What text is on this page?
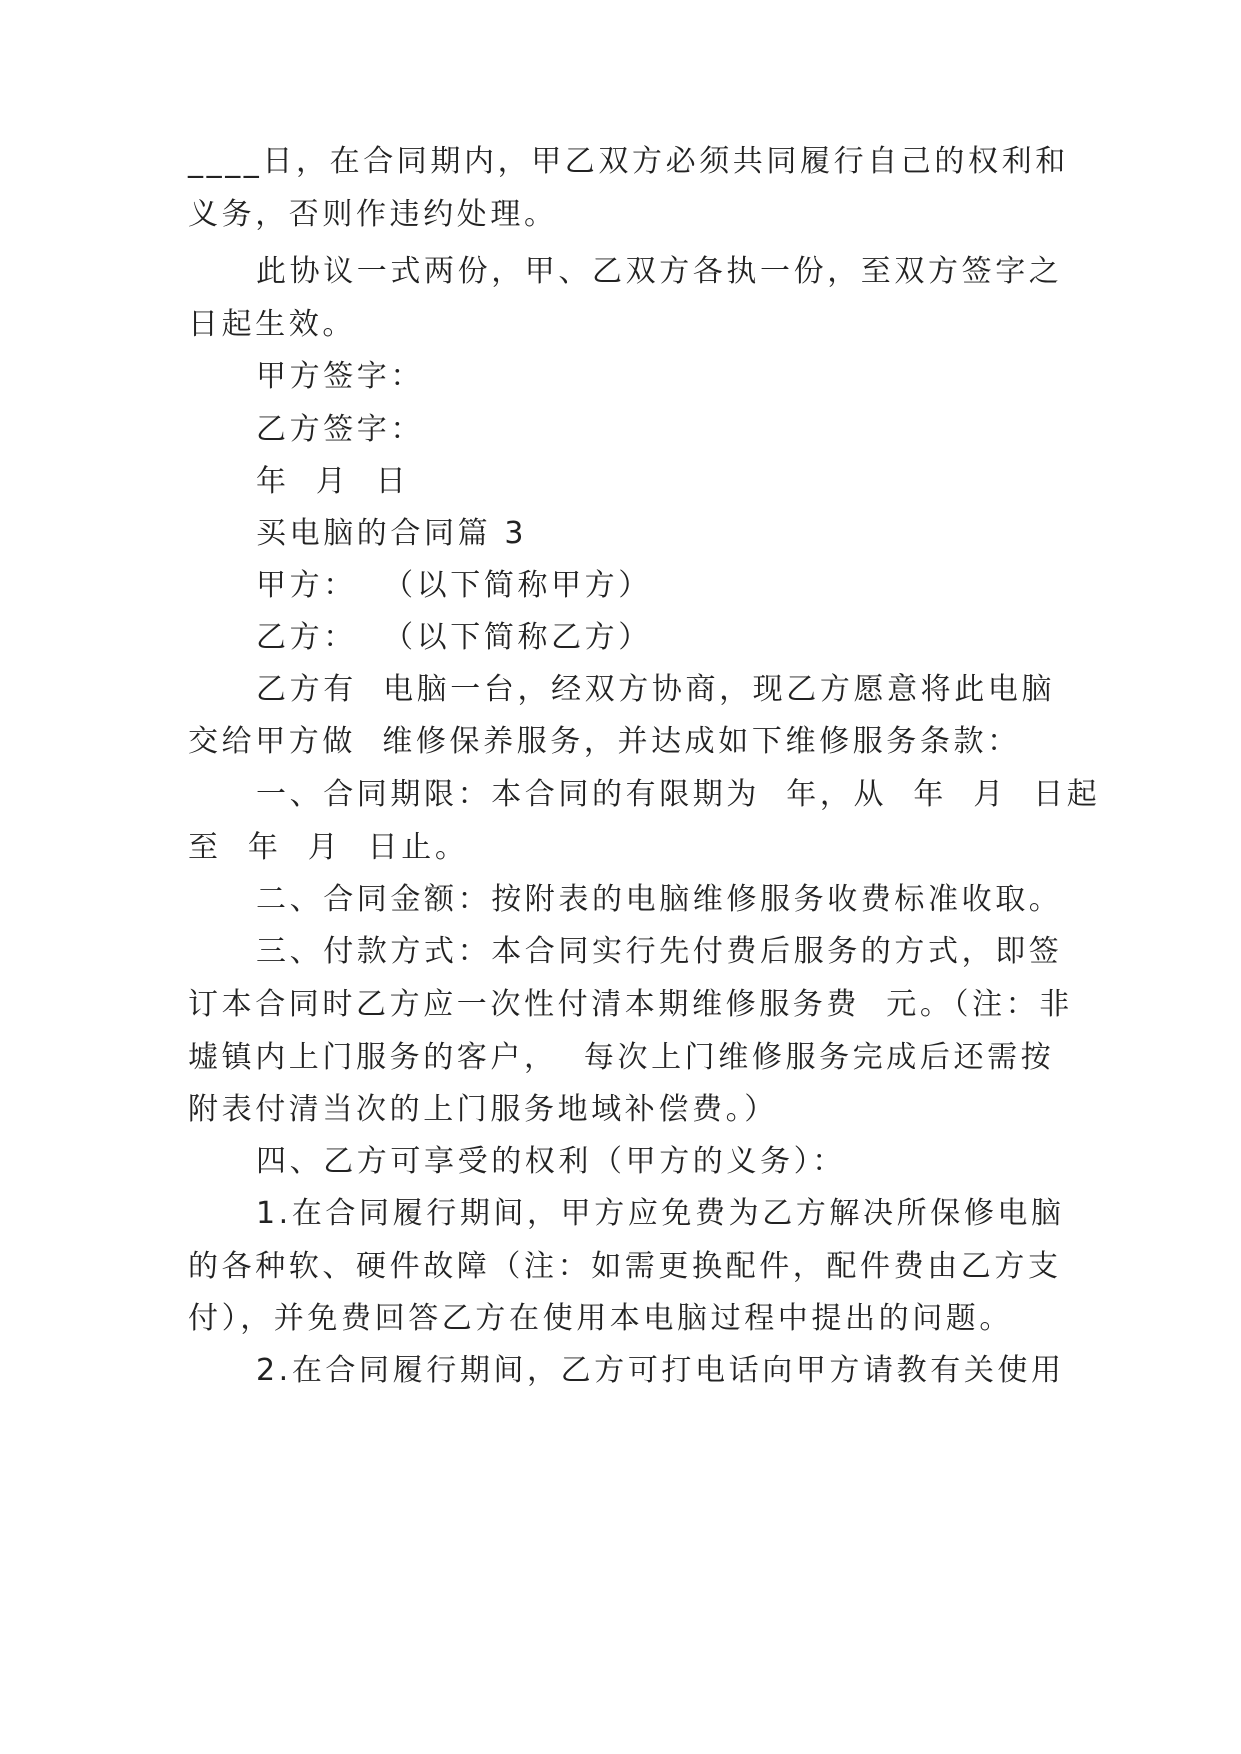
____日，在合同期内，甲乙双方必须共同履行自己的权利和
义务，否则作违约处理。
此协议一式两份，甲、乙双方各执一份，至双方签字之
日起生效。
甲方签字：
乙方签字：
年  月  日
买电脑的合同篇 3
甲方：  （以下简称甲方）
乙方：  （以下简称乙方）
乙方有  电脑一台，经双方协商，现乙方愿意将此电脑
交给甲方做  维修保养服务，并达成如下维修服务条款：
一、合同期限：本合同的有限期为  年，从  年  月  日起
至  年  月  日止。
二、合同金额：按附表的电脑维修服务收费标准收取。
三、付款方式：本合同实行先付费后服务的方式，即签
订本合同时乙方应一次性付清本期维修服务费  元。（注：非
墟镇内上门服务的客户，  每次上门维修服务完成后还需按
附表付清当次的上门服务地域补偿费。）
四、乙方可享受的权利（甲方的义务）：
1.在合同履行期间，甲方应免费为乙方解决所保修电脑
的各种软、硬件故障（注：如需更换配件，配件费由乙方支
付），并免费回答乙方在使用本电脑过程中提出的问题。
2.在合同履行期间，乙方可打电话向甲方请教有关使用
